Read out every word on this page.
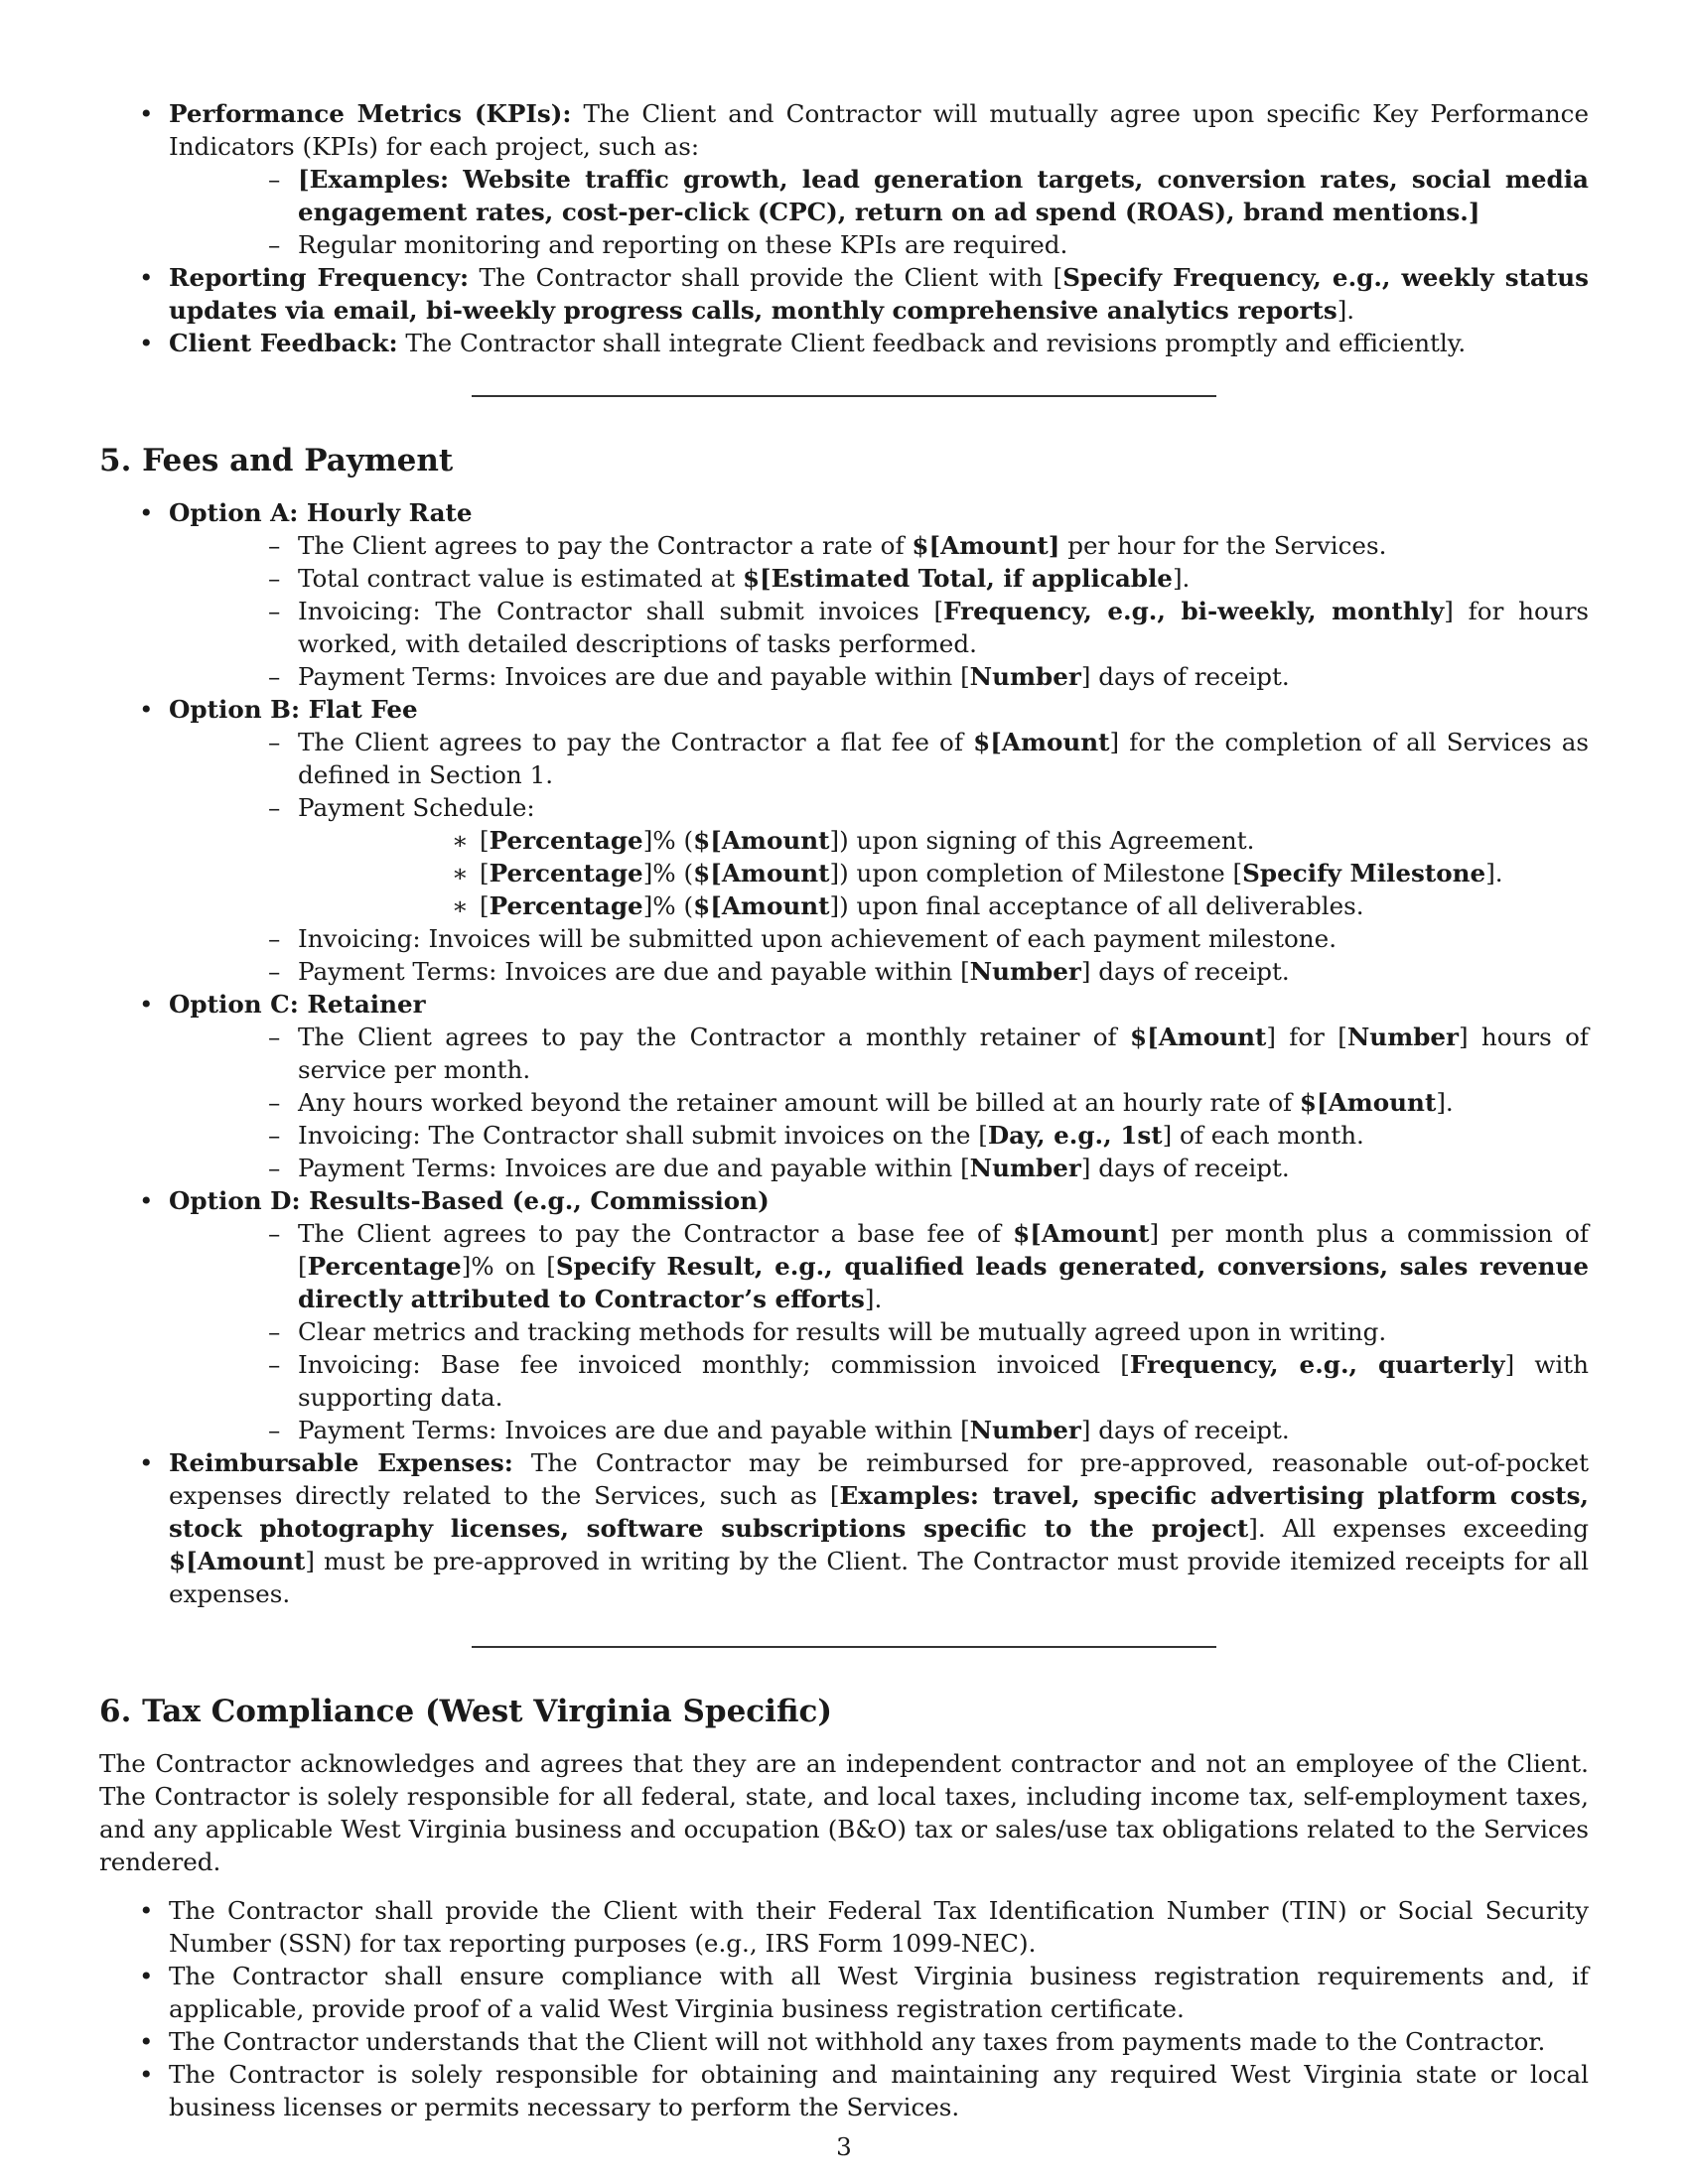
• Performance Metrics (KPIs): The Client and Contractor will mutually agree upon specific Key Performance Indicators (KPIs) for each project, such as:
– [Examples: Website traffic growth, lead generation targets, conversion rates, social media engagement rates, cost-per-click (CPC), return on ad spend (ROAS), brand mentions.]
– Regular monitoring and reporting on these KPIs are required.
• Reporting Frequency: The Contractor shall provide the Client with [Specify Frequency, e.g., weekly status updates via email, bi-weekly progress calls, monthly comprehensive analytics reports].
• Client Feedback: The Contractor shall integrate Client feedback and revisions promptly and efficiently.
5. Fees and Payment
• Option A: Hourly Rate
– The Client agrees to pay the Contractor a rate of $[Amount] per hour for the Services.
– Total contract value is estimated at $[Estimated Total, if applicable].
– Invoicing: The Contractor shall submit invoices [Frequency, e.g., bi-weekly, monthly] for hours worked, with detailed descriptions of tasks performed.
– Payment Terms: Invoices are due and payable within [Number] days of receipt.
• Option B: Flat Fee
– The Client agrees to pay the Contractor a flat fee of $[Amount] for the completion of all Services as defined in Section 1.
– Payment Schedule:
∗ [Percentage]% ($[Amount]) upon signing of this Agreement.
∗ [Percentage]% ($[Amount]) upon completion of Milestone [Specify Milestone].
∗ [Percentage]% ($[Amount]) upon final acceptance of all deliverables.
– Invoicing: Invoices will be submitted upon achievement of each payment milestone.
– Payment Terms: Invoices are due and payable within [Number] days of receipt.
• Option C: Retainer
– The Client agrees to pay the Contractor a monthly retainer of $[Amount] for [Number] hours of service per month.
– Any hours worked beyond the retainer amount will be billed at an hourly rate of $[Amount].
– Invoicing: The Contractor shall submit invoices on the [Day, e.g., 1st] of each month.
– Payment Terms: Invoices are due and payable within [Number] days of receipt.
• Option D: Results-Based (e.g., Commission)
– The Client agrees to pay the Contractor a base fee of $[Amount] per month plus a commission of [Percentage]% on [Specify Result, e.g., qualified leads generated, conversions, sales revenue directly attributed to Contractor’s efforts].
– Clear metrics and tracking methods for results will be mutually agreed upon in writing.
– Invoicing: Base fee invoiced monthly; commission invoiced [Frequency, e.g., quarterly] with supporting data.
– Payment Terms: Invoices are due and payable within [Number] days of receipt.
• Reimbursable Expenses: The Contractor may be reimbursed for pre-approved, reasonable out-of-pocket expenses directly related to the Services, such as [Examples: travel, specific advertising platform costs, stock photography licenses, software subscriptions specific to the project]. All expenses exceeding $[Amount] must be pre-approved in writing by the Client. The Contractor must provide itemized receipts for all expenses.
6. Tax Compliance (West Virginia Specific)

The Contractor acknowledges and agrees that they are an independent contractor and not an employee of the Client. The Contractor is solely responsible for all federal, state, and local taxes, including income tax, self-employment taxes, and any applicable West Virginia business and occupation (B&O) tax or sales/use tax obligations related to the Services rendered.

• The Contractor shall provide the Client with their Federal Tax Identification Number (TIN) or Social Security Number (SSN) for tax reporting purposes (e.g., IRS Form 1099-NEC).
• The Contractor shall ensure compliance with all West Virginia business registration requirements and, if applicable, provide proof of a valid West Virginia business registration certificate.
• The Contractor understands that the Client will not withhold any taxes from payments made to the Contractor.
• The Contractor is solely responsible for obtaining and maintaining any required West Virginia state or local business licenses or permits necessary to perform the Services.
3
